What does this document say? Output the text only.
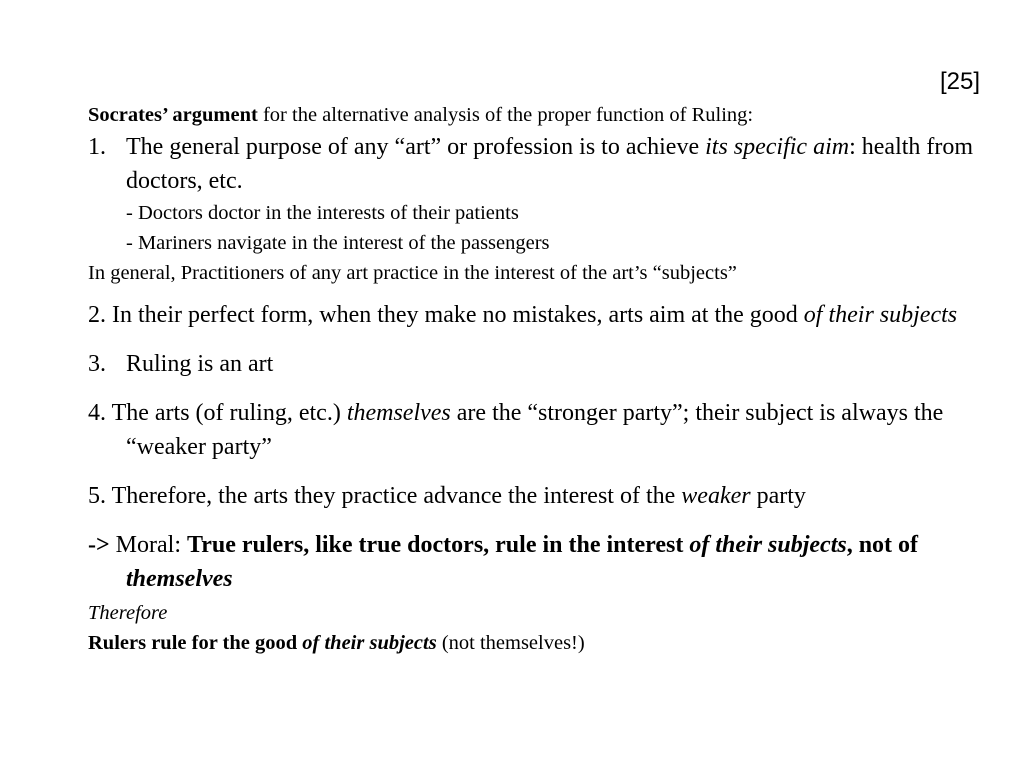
[25]

Socrates’ argument for the alternative analysis of the proper function of Ruling:

1. The general purpose of any “art” or profession is to achieve its specific aim: health from doctors, etc.

- Doctors doctor in the interests of their patients

- Mariners navigate in the interest of the passengers

In general, Practitioners of any art practice in the interest of the art’s “subjects”

2. In their perfect form, when they make no mistakes, arts aim at the good of their subjects
3. Ruling is an art
4. The arts (of ruling, etc.) themselves are the “stronger party”; their subject is always the “weaker party”
5. Therefore, the arts they practice advance the interest of the weaker party
-> Moral: True rulers, like true doctors, rule in the interest of their subjects, not of themselves

Therefore

Rulers rule for the good of their subjects (not themselves!)
